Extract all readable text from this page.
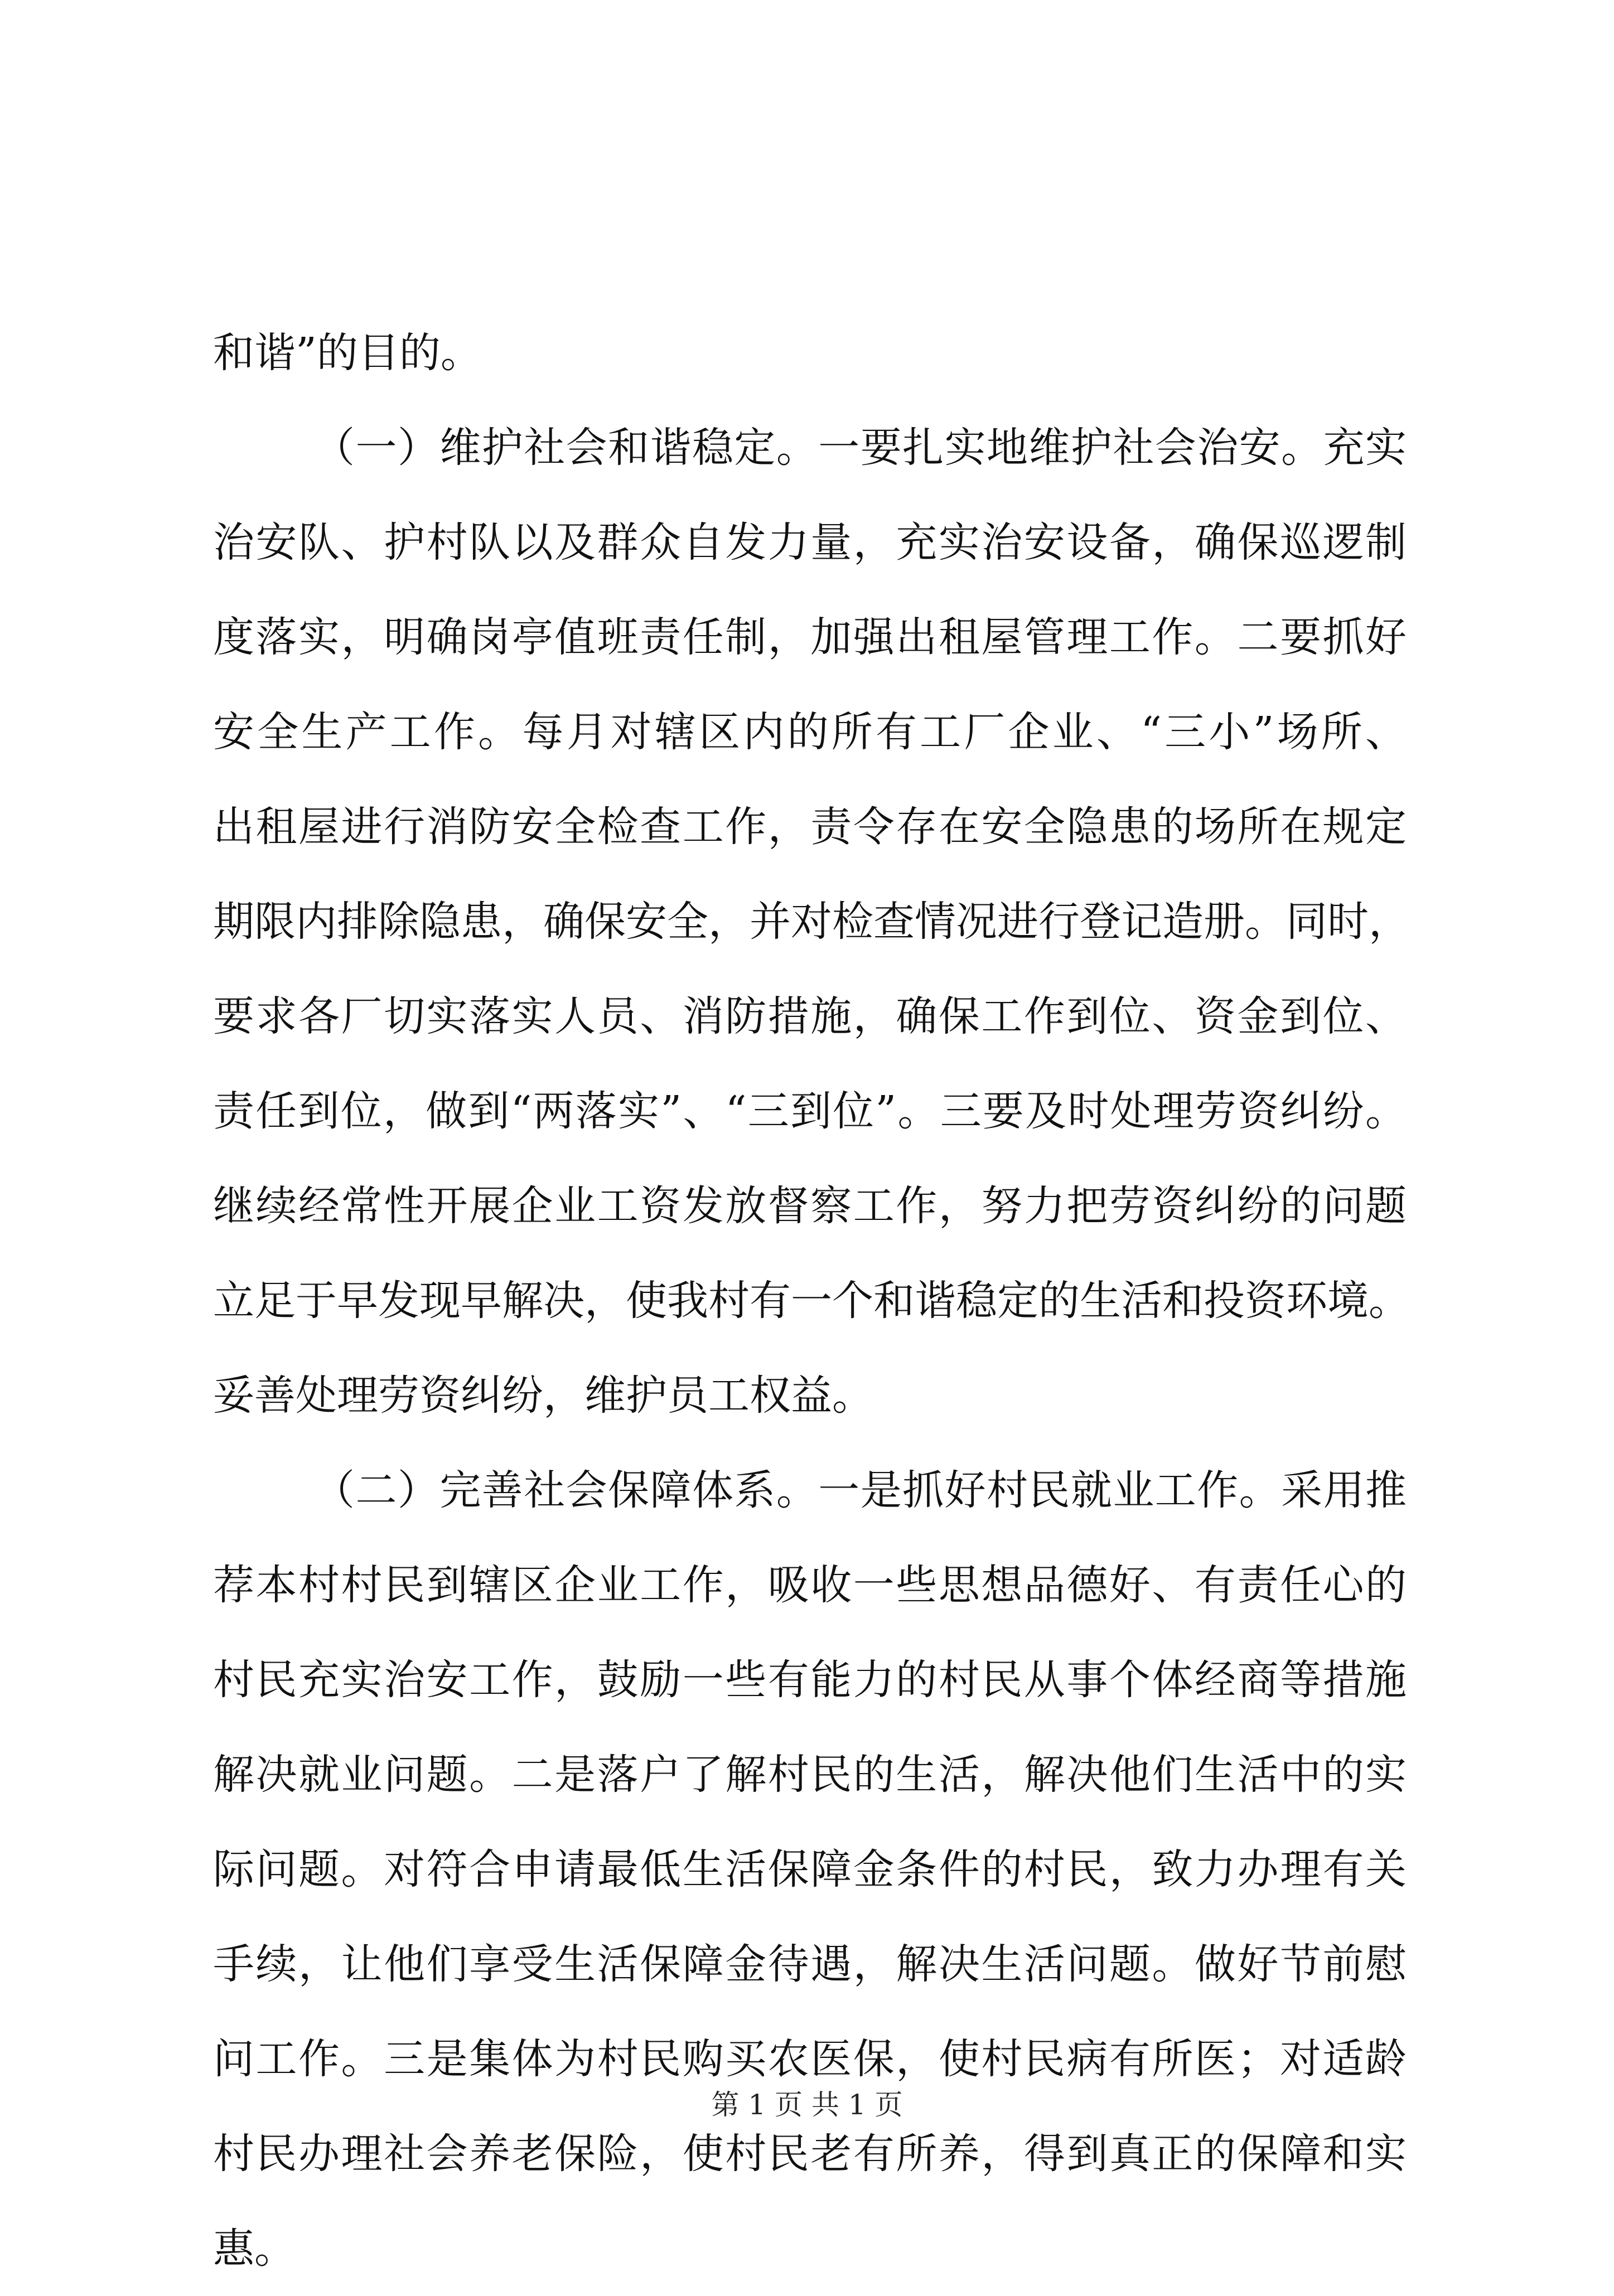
和谐”的目的。
（一）维护社会和谐稳定。一要扎实地维护社会治安。充实
治安队、护村队以及群众自发力量，充实治安设备，确保巡逻制
度落实，明确岗亭值班责任制，加强出租屋管理工作。二要抓好
安全生产工作。每月对辖区内的所有工厂企业、“三小”场所、
出租屋进行消防安全检查工作，责令存在安全隐患的场所在规定
期限内排除隐患，确保安全，并对检查情况进行登记造册。同时，
要求各厂切实落实人员、消防措施，确保工作到位、资金到位、
责任到位，做到“两落实”、“三到位”。三要及时处理劳资纠纷。
继续经常性开展企业工资发放督察工作，努力把劳资纠纷的问题
立足于早发现早解决，使我村有一个和谐稳定的生活和投资环境。
妥善处理劳资纠纷，维护员工权益。
（二）完善社会保障体系。一是抓好村民就业工作。采用推
荐本村村民到辖区企业工作，吸收一些思想品德好、有责任心的
村民充实治安工作，鼓励一些有能力的村民从事个体经商等措施
解决就业问题。二是落户了解村民的生活，解决他们生活中的实
际问题。对符合申请最低生活保障金条件的村民，致力办理有关
手续，让他们享受生活保障金待遇，解决生活问题。做好节前慰
问工作。三是集体为村民购买农医保，使村民病有所医；对适龄
村民办理社会养老保险，使村民老有所养，得到真正的保障和实
惠。
第 1 页 共 1 页
